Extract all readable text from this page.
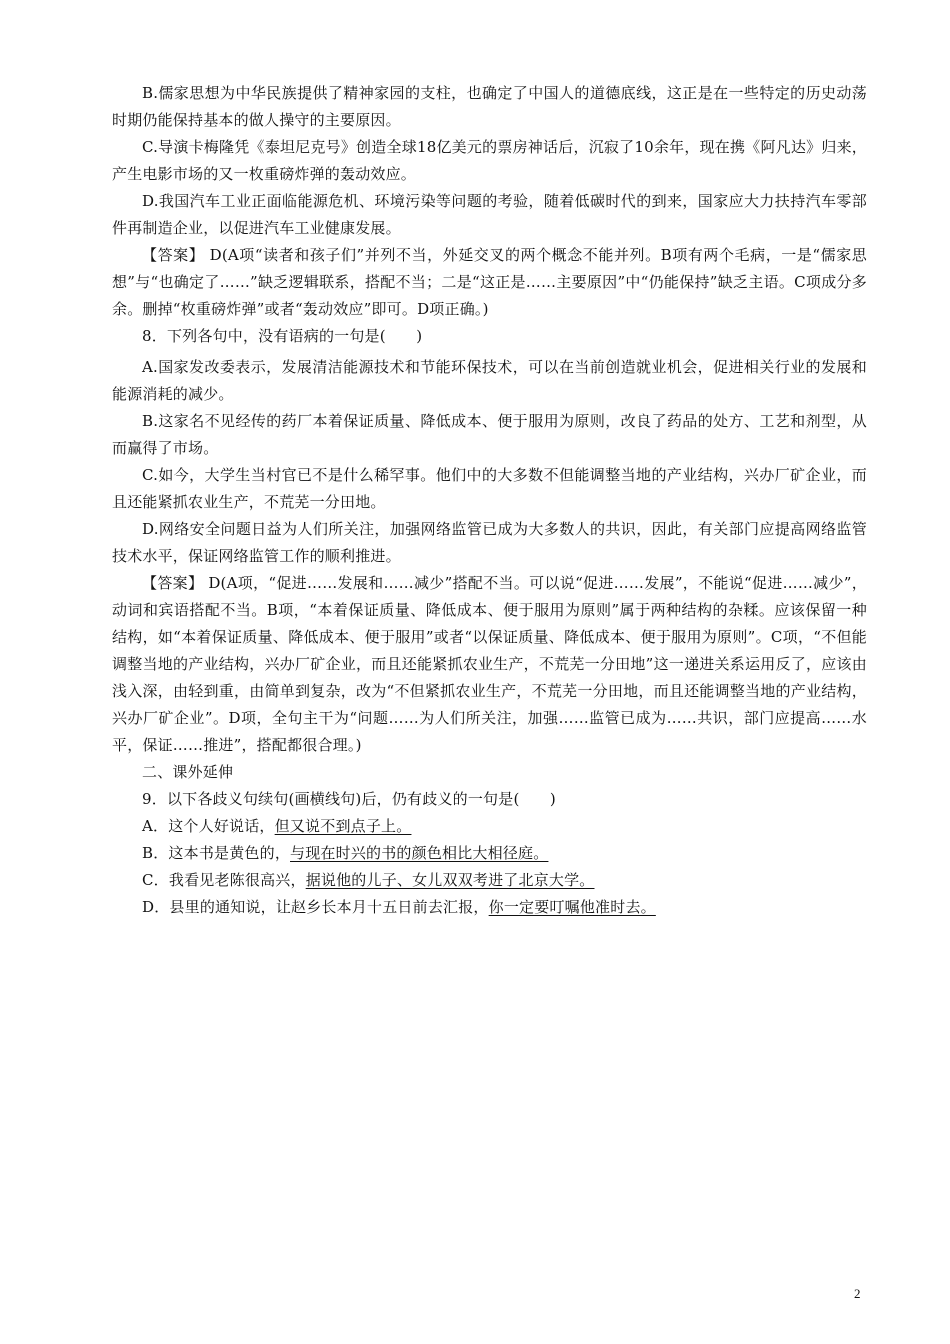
B.儒家思想为中华民族提供了精神家园的支柱，也确定了中国人的道德底线，这正是在一些特定的历史动荡时期仍能保持基本的做人操守的主要原因。

C.导演卡梅隆凭《泰坦尼克号》创造全球18亿美元的票房神话后，沉寂了10余年，现在携《阿凡达》归来，产生电影市场的又一枚重磅炸弹的轰动效应。

D.我国汽车工业正面临能源危机、环境污染等问题的考验，随着低碳时代的到来，国家应大力扶持汽车零部件再制造企业，以促进汽车工业健康发展。

【答案】 D(A项“读者和孩子们”并列不当，外延交叉的两个概念不能并列。B项有两个毛病，一是“儒家思想”与“也确定了……”缺乏逻辑联系，搭配不当；二是“这正是……主要原因”中“仍能保持”缺乏主语。C项成分多余。删掉“枚重磅炸弹”或者“轰动效应”即可。D项正确。)

8．下列各句中，没有语病的一句是(　　)

A.国家发改委表示，发展清洁能源技术和节能环保技术，可以在当前创造就业机会，促进相关行业的发展和能源消耗的减少。

B.这家名不见经传的药厂本着保证质量、降低成本、便于服用为原则，改良了药品的处方、工艺和剂型，从而赢得了市场。

C.如今，大学生当村官已不是什么稀罕事。他们中的大多数不但能调整当地的产业结构，兴办厂矿企业，而且还能紧抓农业生产，不荒芜一分田地。

D.网络安全问题日益为人们所关注，加强网络监管已成为大多数人的共识，因此，有关部门应提高网络监管技术水平，保证网络监管工作的顺利推进。

【答案】 D(A项，“促进……发展和……减少”搭配不当。可以说“促进……发展”，不能说“促进……减少”，动词和宾语搭配不当。B项，“本着保证质量、降低成本、便于服用为原则”属于两种结构的杂糅。应该保留一种结构，如“本着保证质量、降低成本、便于服用”或者“以保证质量、降低成本、便于服用为原则”。C项，“不但能调整当地的产业结构，兴办厂矿企业，而且还能紧抓农业生产，不荒芜一分田地”这一递进关系运用反了，应该由浅入深，由轻到重，由简单到复杂，改为“不但紧抓农业生产，不荒芜一分田地，而且还能调整当地的产业结构，兴办厂矿企业”。D项，全句主干为“问题……为人们所关注，加强……监管已成为……共识，部门应提高……水平，保证……推进”，搭配都很合理。)

二、课外延伸

9．以下各歧义句续句(画横线句)后，仍有歧义的一句是(　　)

A．这个人好说话，但又说不到点子上。

B．这本书是黄色的，与现在时兴的书的颜色相比大相径庭。

C．我看见老陈很高兴，据说他的儿子、女儿双双考进了北京大学。

D．县里的通知说，让赵乡长本月十五日前去汇报，你一定要叮嘱他准时去。

2
